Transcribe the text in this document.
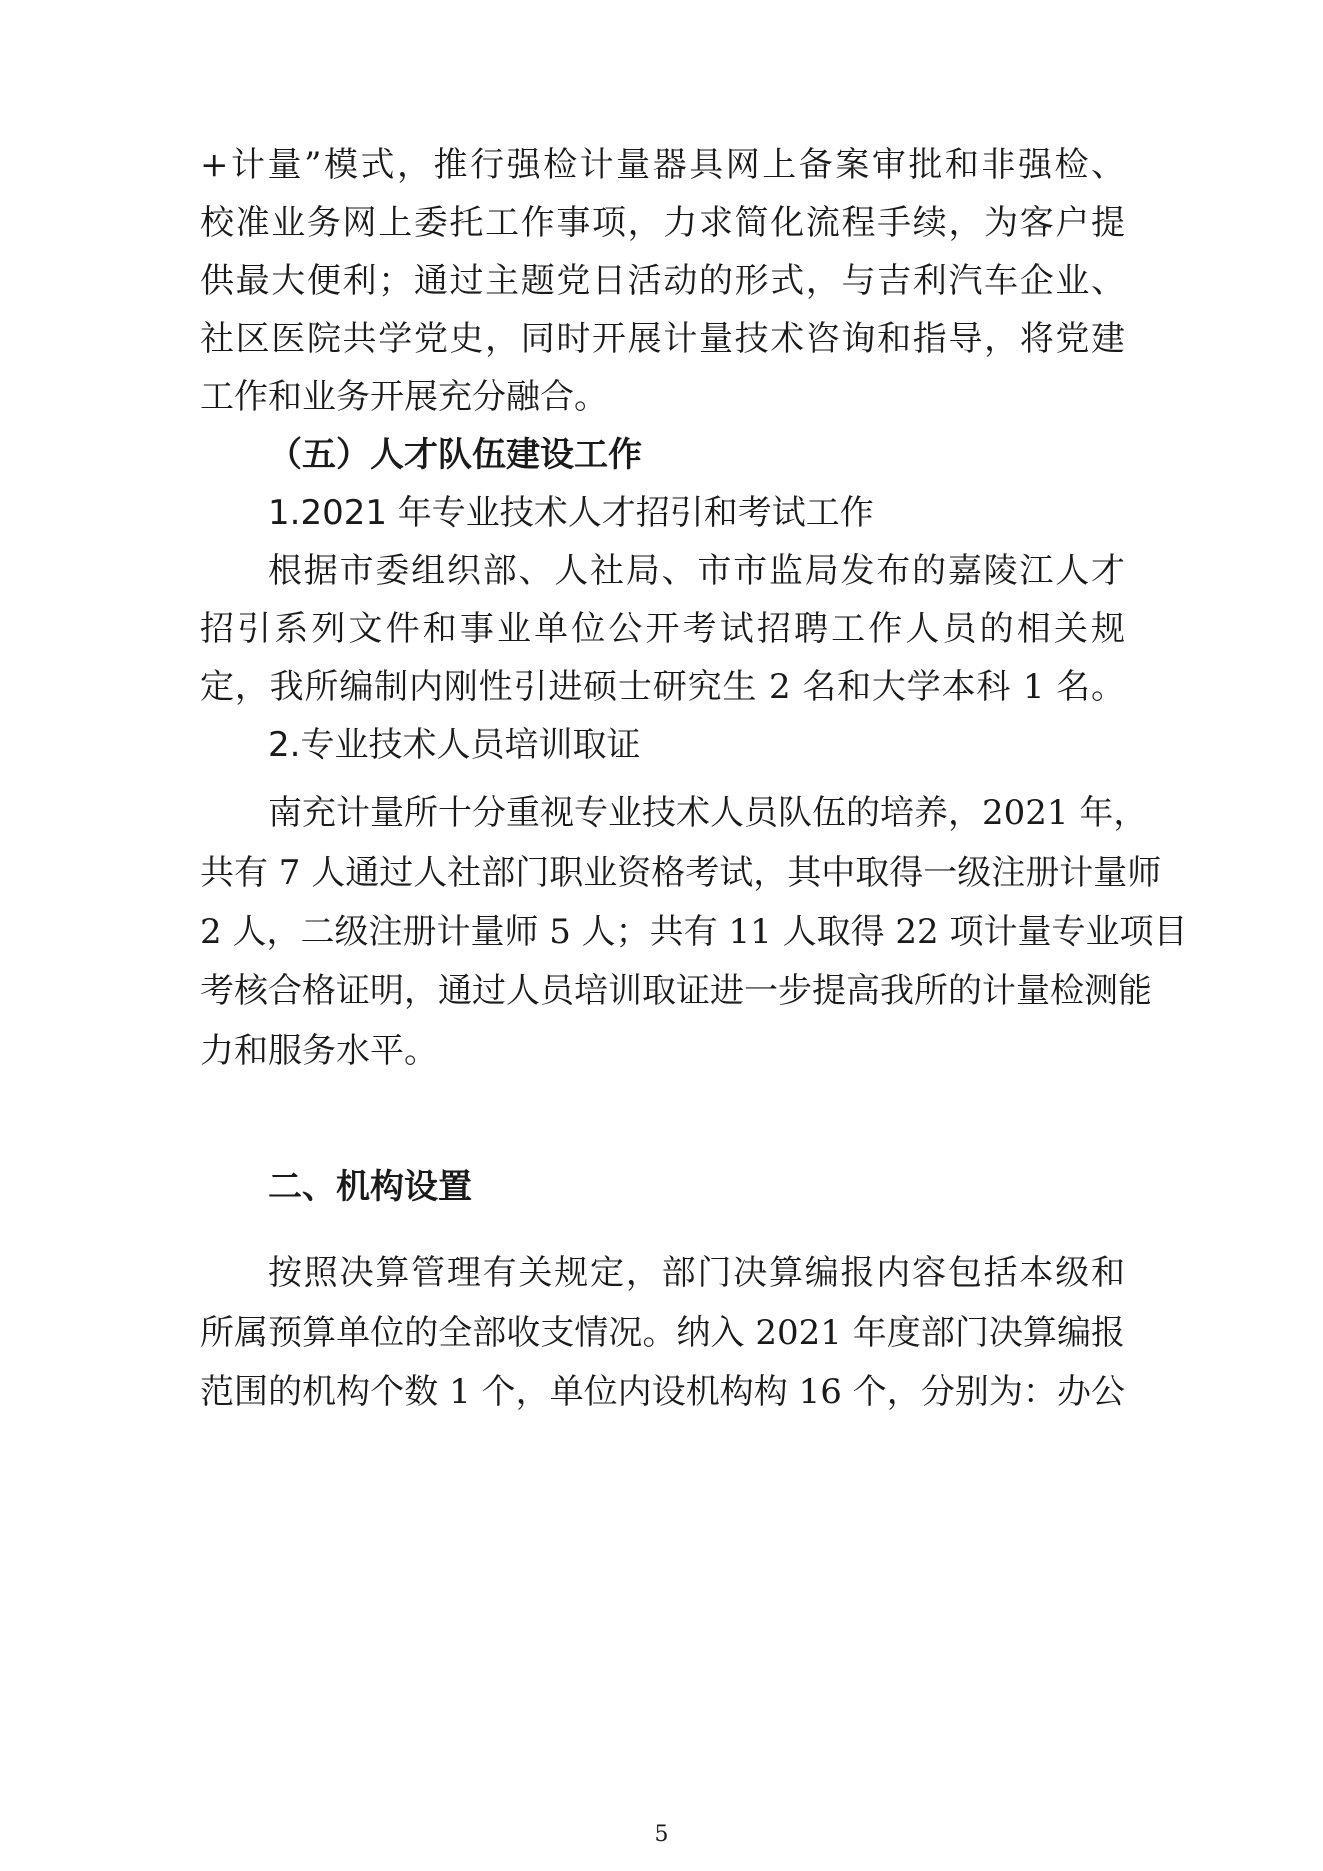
+计量”模式，推行强检计量器具网上备案审批和非强检、
校准业务网上委托工作事项，力求简化流程手续，为客户提
供最大便利；通过主题党日活动的形式，与吉利汽车企业、
社区医院共学党史，同时开展计量技术咨询和指导，将党建
工作和业务开展充分融合。
（五）人才队伍建设工作
1.2021 年专业技术人才招引和考试工作
根据市委组织部、人社局、市市监局发布的嘉陵江人才
招引系列文件和事业单位公开考试招聘工作人员的相关规
定，我所编制内刚性引进硕士研究生 2 名和大学本科 1 名。
2.专业技术人员培训取证
南充计量所十分重视专业技术人员队伍的培养，2021 年，
共有 7 人通过人社部门职业资格考试，其中取得一级注册计量师
2 人，二级注册计量师 5 人；共有 11 人取得 22 项计量专业项目
考核合格证明，通过人员培训取证进一步提高我所的计量检测能
力和服务水平。
二、机构设置
按照决算管理有关规定，部门决算编报内容包括本级和
所属预算单位的全部收支情况。纳入 2021 年度部门决算编报
范围的机构个数 1 个，单位内设机构构 16 个，分别为：办公
5
